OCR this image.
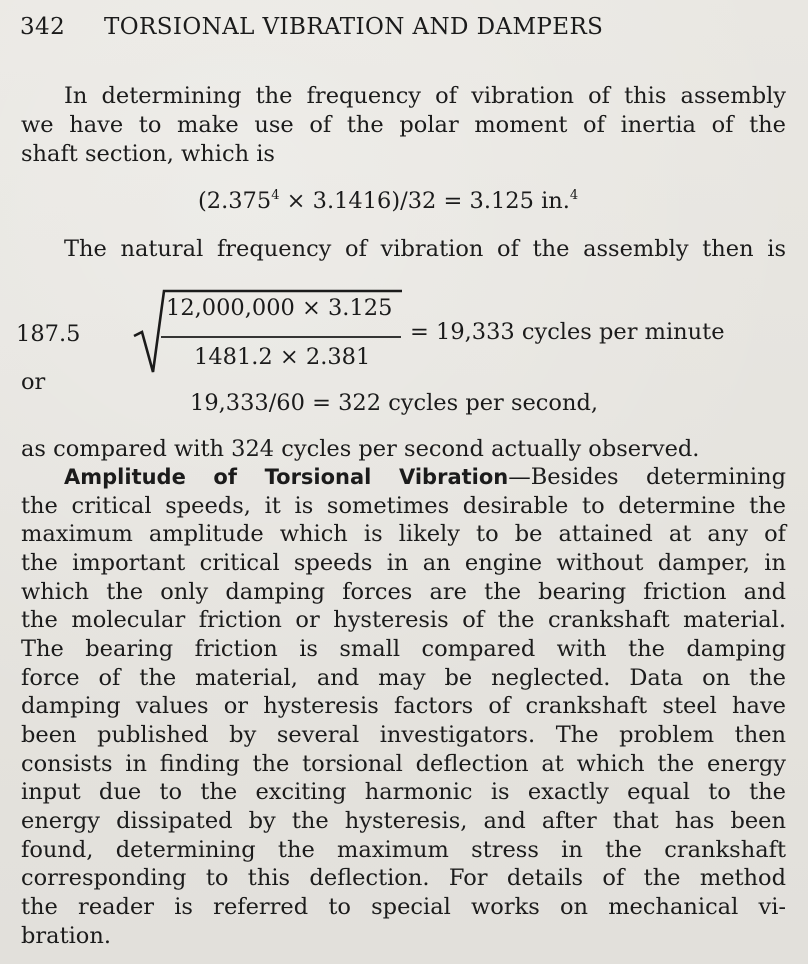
342 TORSIONAL VIBRATION AND DAMPERS
In determining the frequency of vibration of this assembly
we have to make use of the polar moment of inertia of the
shaft section, which is
$(2.375^4 \times 3.1416)/32 = 3.125$ in.$^4$
The natural frequency of vibration of the assembly then is
187.5
12,000,000 × 3.125
1481.2 × 2.381
= 19,333 cycles per minute
or
19,333/60 = 322 cycles per second,
as compared with 324 cycles per second actually observed.
Amplitude of Torsional Vibration—Besides determining
the critical speeds, it is sometimes desirable to determine the
maximum amplitude which is likely to be attained at any of
the important critical speeds in an engine without damper, in
which the only damping forces are the bearing friction and
the molecular friction or hysteresis of the crankshaft material.
The bearing friction is small compared with the damping
force of the material, and may be neglected. Data on the
damping values or hysteresis factors of crankshaft steel have
been published by several investigators. The problem then
consists in finding the torsional deflection at which the energy
input due to the exciting harmonic is exactly equal to the
energy dissipated by the hysteresis, and after that has been
found, determining the maximum stress in the crankshaft
corresponding to this deflection. For details of the method
the reader is referred to special works on mechanical vi-
bration.
